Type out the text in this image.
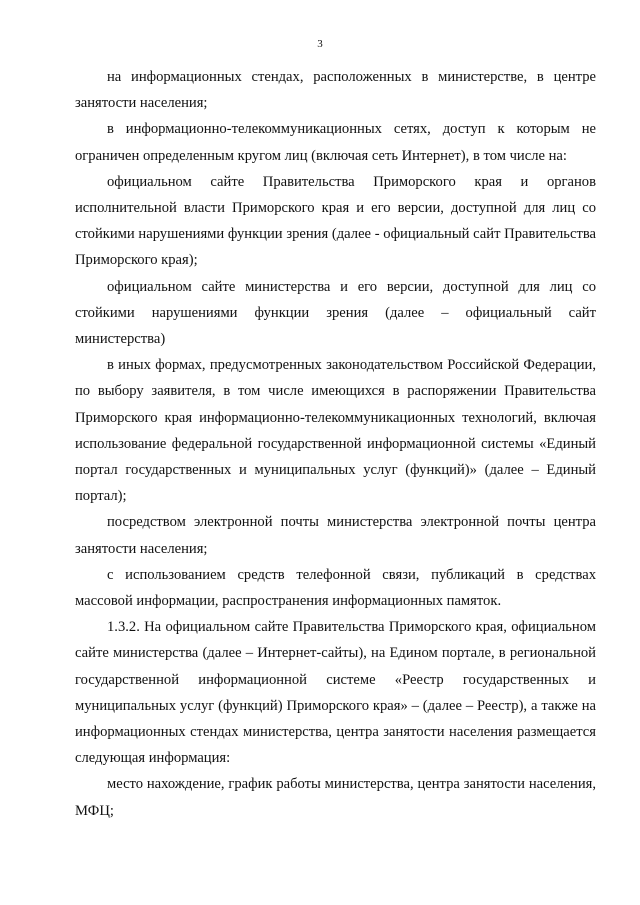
3

на информационных стендах, расположенных в министерстве, в центре занятости населения;

в информационно-телекоммуникационных сетях, доступ к которым не ограничен определенным кругом лиц (включая сеть Интернет), в том числе на:

официальном сайте Правительства Приморского края и органов исполнительной власти Приморского края и его версии, доступной для лиц со стойкими нарушениями функции зрения (далее - официальный сайт Правительства Приморского края);

официальном сайте министерства и его версии, доступной для лиц со стойкими нарушениями функции зрения (далее – официальный сайт министерства)

в иных формах, предусмотренных законодательством Российской Федерации, по выбору заявителя, в том числе имеющихся в распоряжении Правительства Приморского края информационно-телекоммуникационных технологий, включая использование федеральной государственной информационной системы «Единый портал государственных и муниципальных услуг (функций)» (далее – Единый портал);

посредством электронной почты министерства электронной почты центра занятости населения;

с использованием средств телефонной связи, публикаций в средствах массовой информации, распространения информационных памяток.

1.3.2. На официальном сайте Правительства Приморского края, официальном сайте министерства (далее – Интернет-сайты), на Едином портале, в региональной государственной информационной системе «Реестр государственных и муниципальных услуг (функций) Приморского края» – (далее – Реестр), а также на информационных стендах министерства, центра занятости населения размещается следующая информация:

место нахождение, график работы министерства, центра занятости населения, МФЦ;
